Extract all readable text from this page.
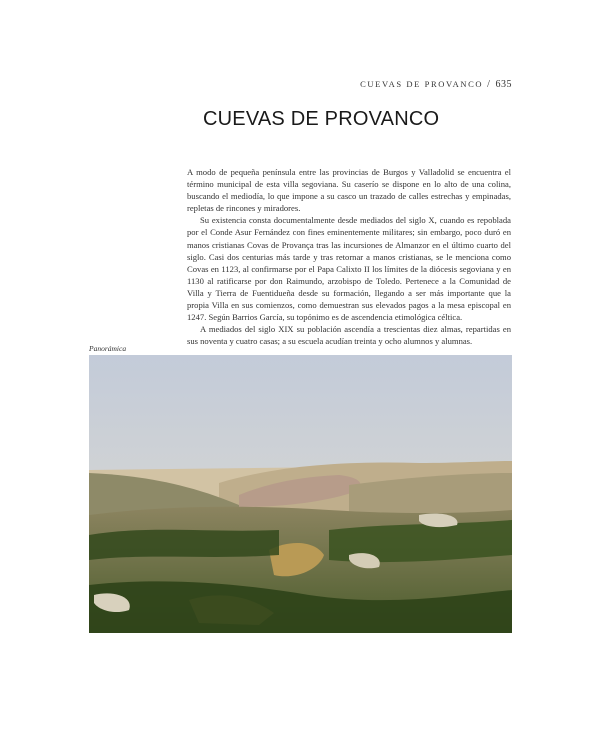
CUEVAS DE PROVANCO / 635
CUEVAS DE PROVANCO

A modo de pequeña península entre las provincias de Burgos y Valladolid se encuentra el término municipal de esta villa segoviana. Su caserío se dispone en lo alto de una colina, buscando el mediodía, lo que impone a su casco un trazado de calles estrechas y empinadas, repletas de rincones y miradores.

Su existencia consta documentalmente desde mediados del siglo X, cuando es repoblada por el Conde Asur Fernández con fines eminentemente militares; sin embargo, poco duró en manos cristianas Covas de Provança tras las incursiones de Almanzor en el último cuarto del siglo. Casi dos centurias más tarde y tras retornar a manos cristianas, se le menciona como Covas en 1123, al confirmarse por el Papa Calixto II los límites de la diócesis segoviana y en 1130 al ratificarse por don Raimundo, arzobispo de Toledo. Pertenece a la Comunidad de Villa y Tierra de Fuentidueña desde su formación, llegando a ser más importante que la propia Villa en sus comienzos, como demuestran sus elevados pagos a la mesa episcopal en 1247. Según Barrios García, su topónimo es de ascendencia etimológica céltica.

A mediados del siglo XIX su población ascendía a trescientas diez almas, repartidas en sus noventa y cuatro casas; a su escuela acudían treinta y ocho alumnos y alumnas.

Panorámica
